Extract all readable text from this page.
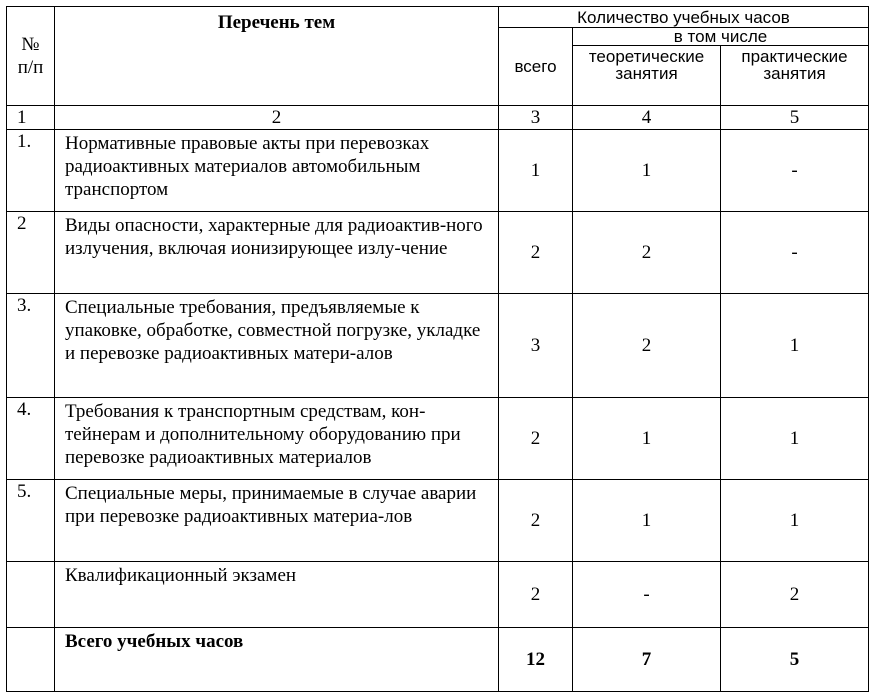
№ п/п	Перечень тем	Количество учебных часов		
		всего	в том числе	
			теоретические занятия	практические занятия
1	2	3	4	5
1.	Нормативные правовые акты при перевозках радиоактивных материалов автомобильным транспортом	1	1	-
2	Виды опасности, характерные для радиоактив-ного излучения, включая ионизирующее излу-чение	2	2	-
3.	Специальные требования, предъявляемые к упаковке, обработке, совместной погрузке, укладке и перевозке радиоактивных матери-алов	3	2	1
4.	Требования к транспортным средствам, кон-тейнерам и дополнительному оборудованию при перевозке радиоактивных материалов	2	1	1
5.	Специальные меры, принимаемые в случае аварии при перевозке радиоактивных материа-лов	2	1	1
	Квалификационный экзамен	2	-	2
	Всего учебных часов	12	7	5
